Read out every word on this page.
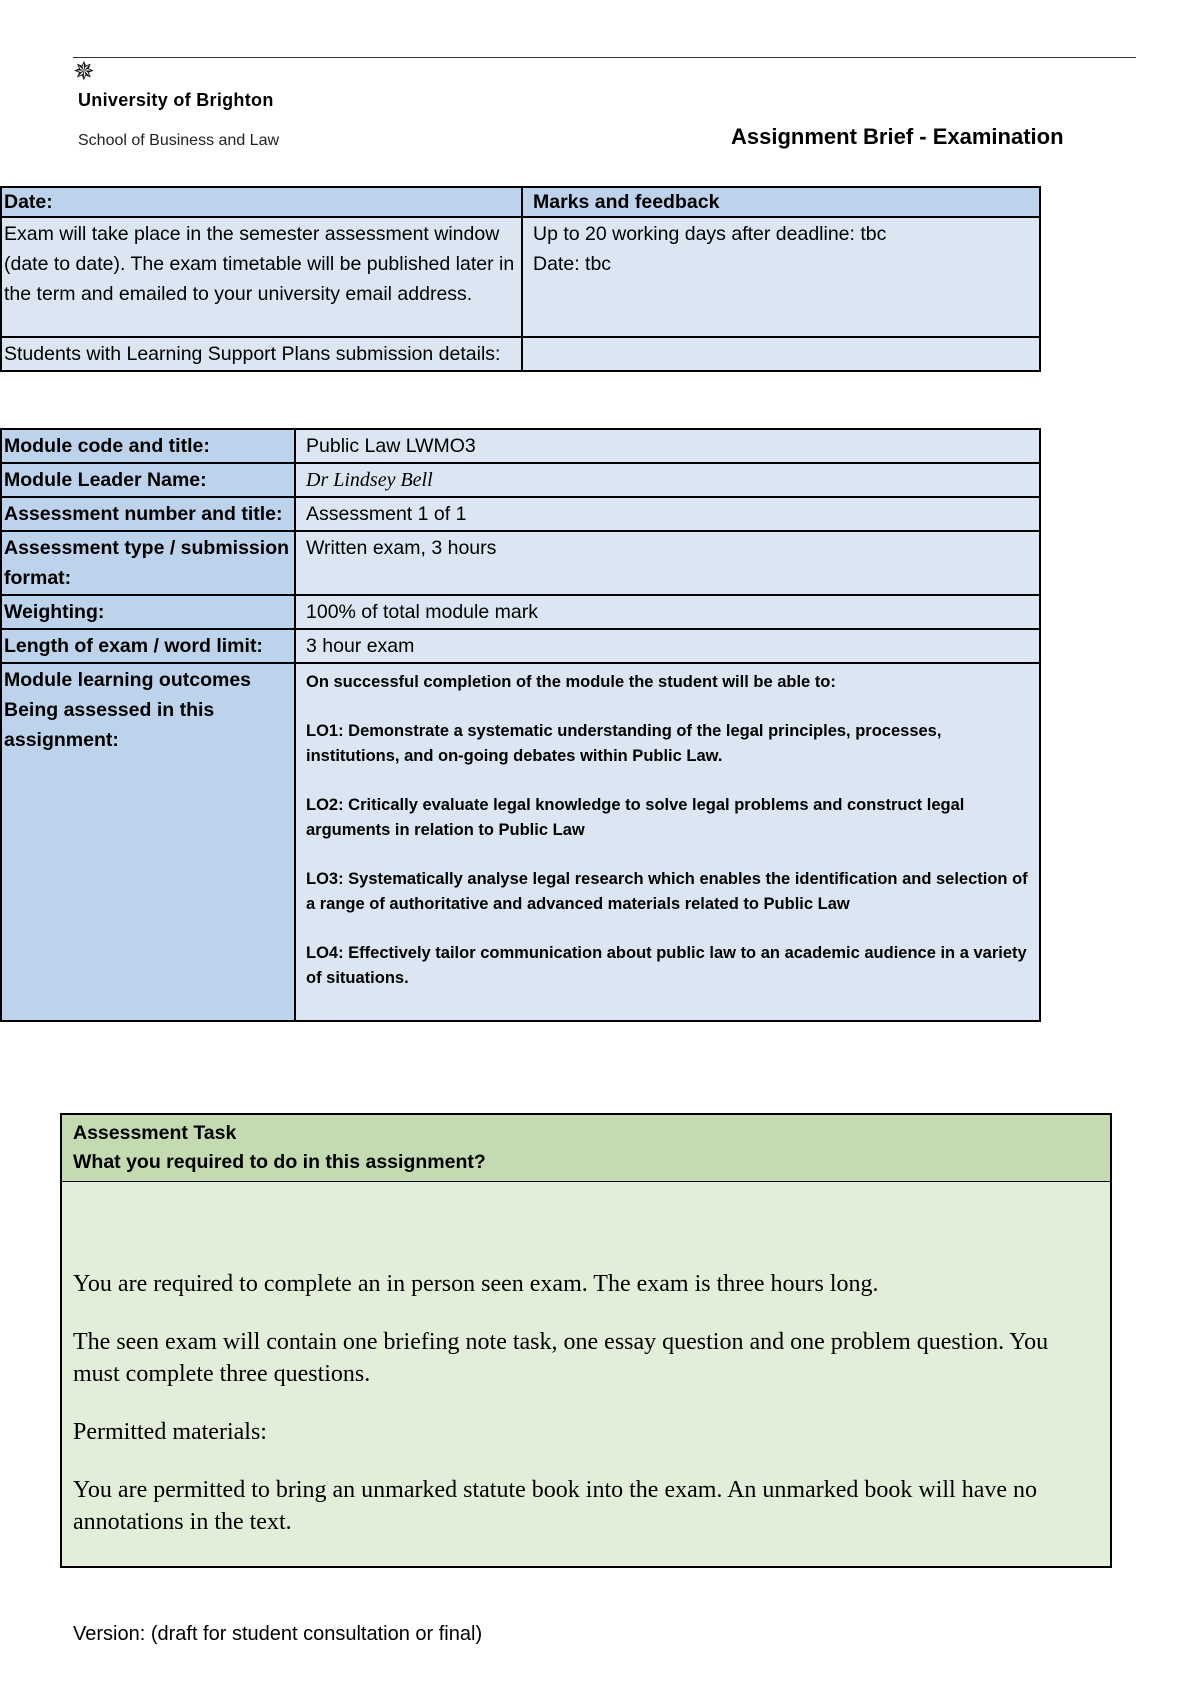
✵
University of Brighton
School of Business and Law	Assignment Brief - Examination
Date:	Marks and feedback
Exam will take place in the semester assessment window (date to date). The exam timetable will be published later in the term and emailed to your university email address.	Up to 20 working days after deadline: tbc
Date: tbc

Students with Learning Support Plans submission details:	
Module code and title:	Public Law LWMO3
Module Leader Name:	Dr Lindsey Bell
Assessment number and title:	Assessment 1 of 1
Assessment type / submission format:	Written exam, 3 hours
Weighting:	100% of total module mark
Length of exam / word limit:	3 hour exam
Module learning outcomes Being assessed in this assignment:	On successful completion of the module the student will be able to:

LO1: Demonstrate a systematic understanding of the legal principles, processes, institutions, and on-going debates within Public Law.

LO2: Critically evaluate legal knowledge to solve legal problems and construct legal arguments in relation to Public Law

LO3: Systematically analyse legal research which enables the identification and selection of a range of authoritative and advanced materials related to Public Law

LO4: Effectively tailor communication about public law to an academic audience in a variety of situations.

Assessment Task
What you required to do in this assignment?

You are required to complete an in person seen exam. The exam is three hours long.

The seen exam will contain one briefing note task, one essay question and one problem question. You must complete three questions.

Permitted materials:

You are permitted to bring an unmarked statute book into the exam. An unmarked book will have no annotations in the text.

Version: (draft for student consultation or final)
